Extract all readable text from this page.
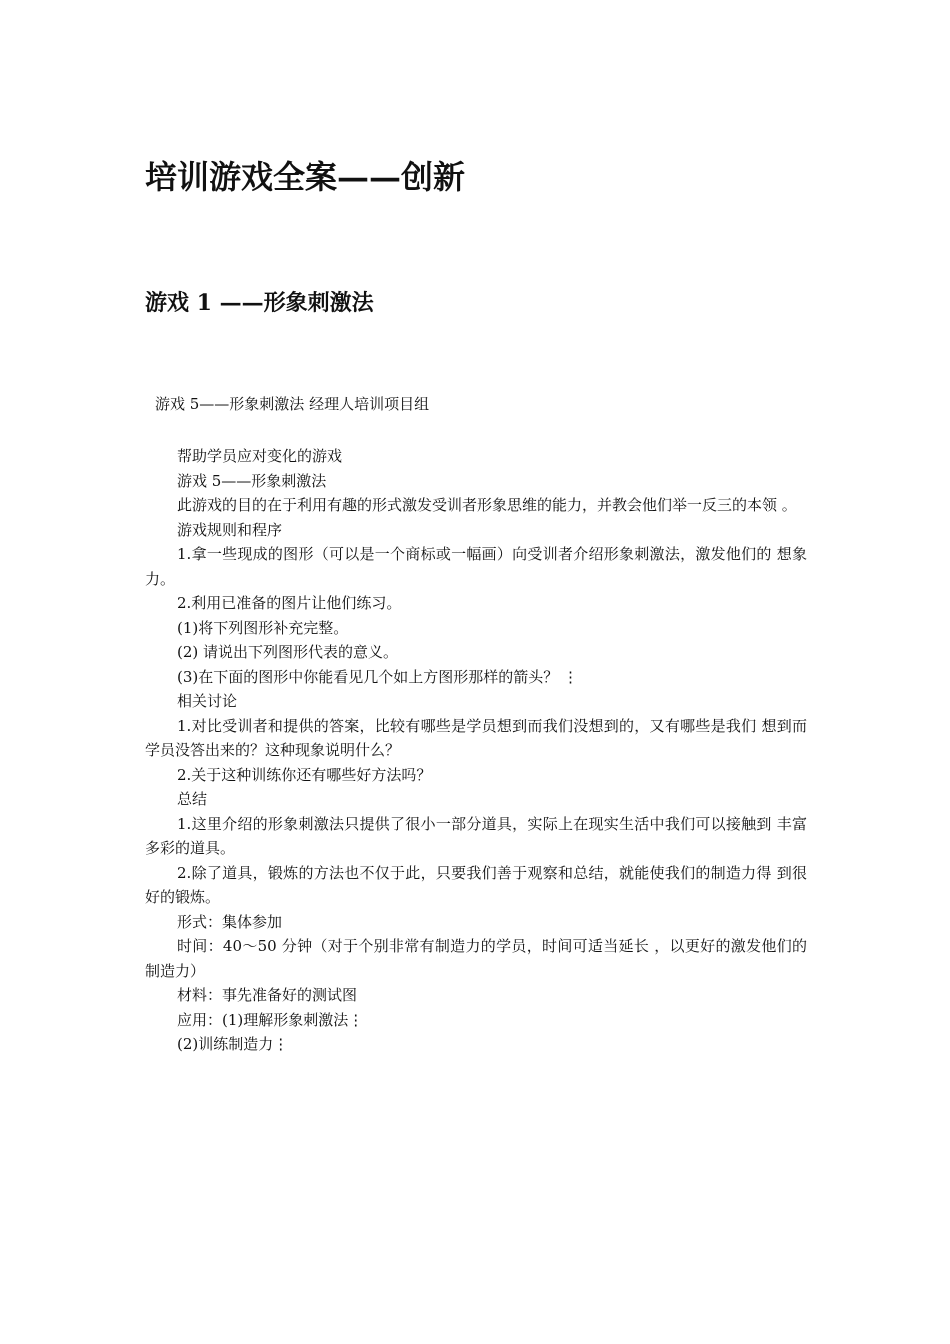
培训游戏全案——创新
游戏 1 ——形象刺激法
游戏 5——形象刺激法 经理人培训项目组

帮助学员应对变化的游戏

游戏 5——形象刺激法

此游戏的目的在于利用有趣的形式激发受训者形象思维的能力，并教会他们举一反三的本领 。

游戏规则和程序

1.拿一些现成的图形（可以是一个商标或一幅画）向受训者介绍形象刺激法，激发他们的 想象力。

2.利用已准备的图片让他们练习。

(1)将下列图形补充完整。

(2) 请说出下列图形代表的意义。

(3)在下面的图形中你能看见几个如上方图形那样的箭头？ ⋮

相关讨论

1.对比受训者和提供的答案，比较有哪些是学员想到而我们没想到的，又有哪些是我们 想到而学员没答出来的？这种现象说明什么？

2.关于这种训练你还有哪些好方法吗？

总结

1.这里介绍的形象刺激法只提供了很小一部分道具，实际上在现实生活中我们可以接触到 丰富多彩的道具。

2.除了道具，锻炼的方法也不仅于此，只要我们善于观察和总结，就能使我们的制造力得 到很好的锻炼。

形式：集体参加

时间：40～50 分钟（对于个别非常有制造力的学员，时间可适当延长 ，以更好的激发他们的制造力）

材料：事先准备好的测试图

应用：(1)理解形象刺激法⋮

(2)训练制造力⋮
